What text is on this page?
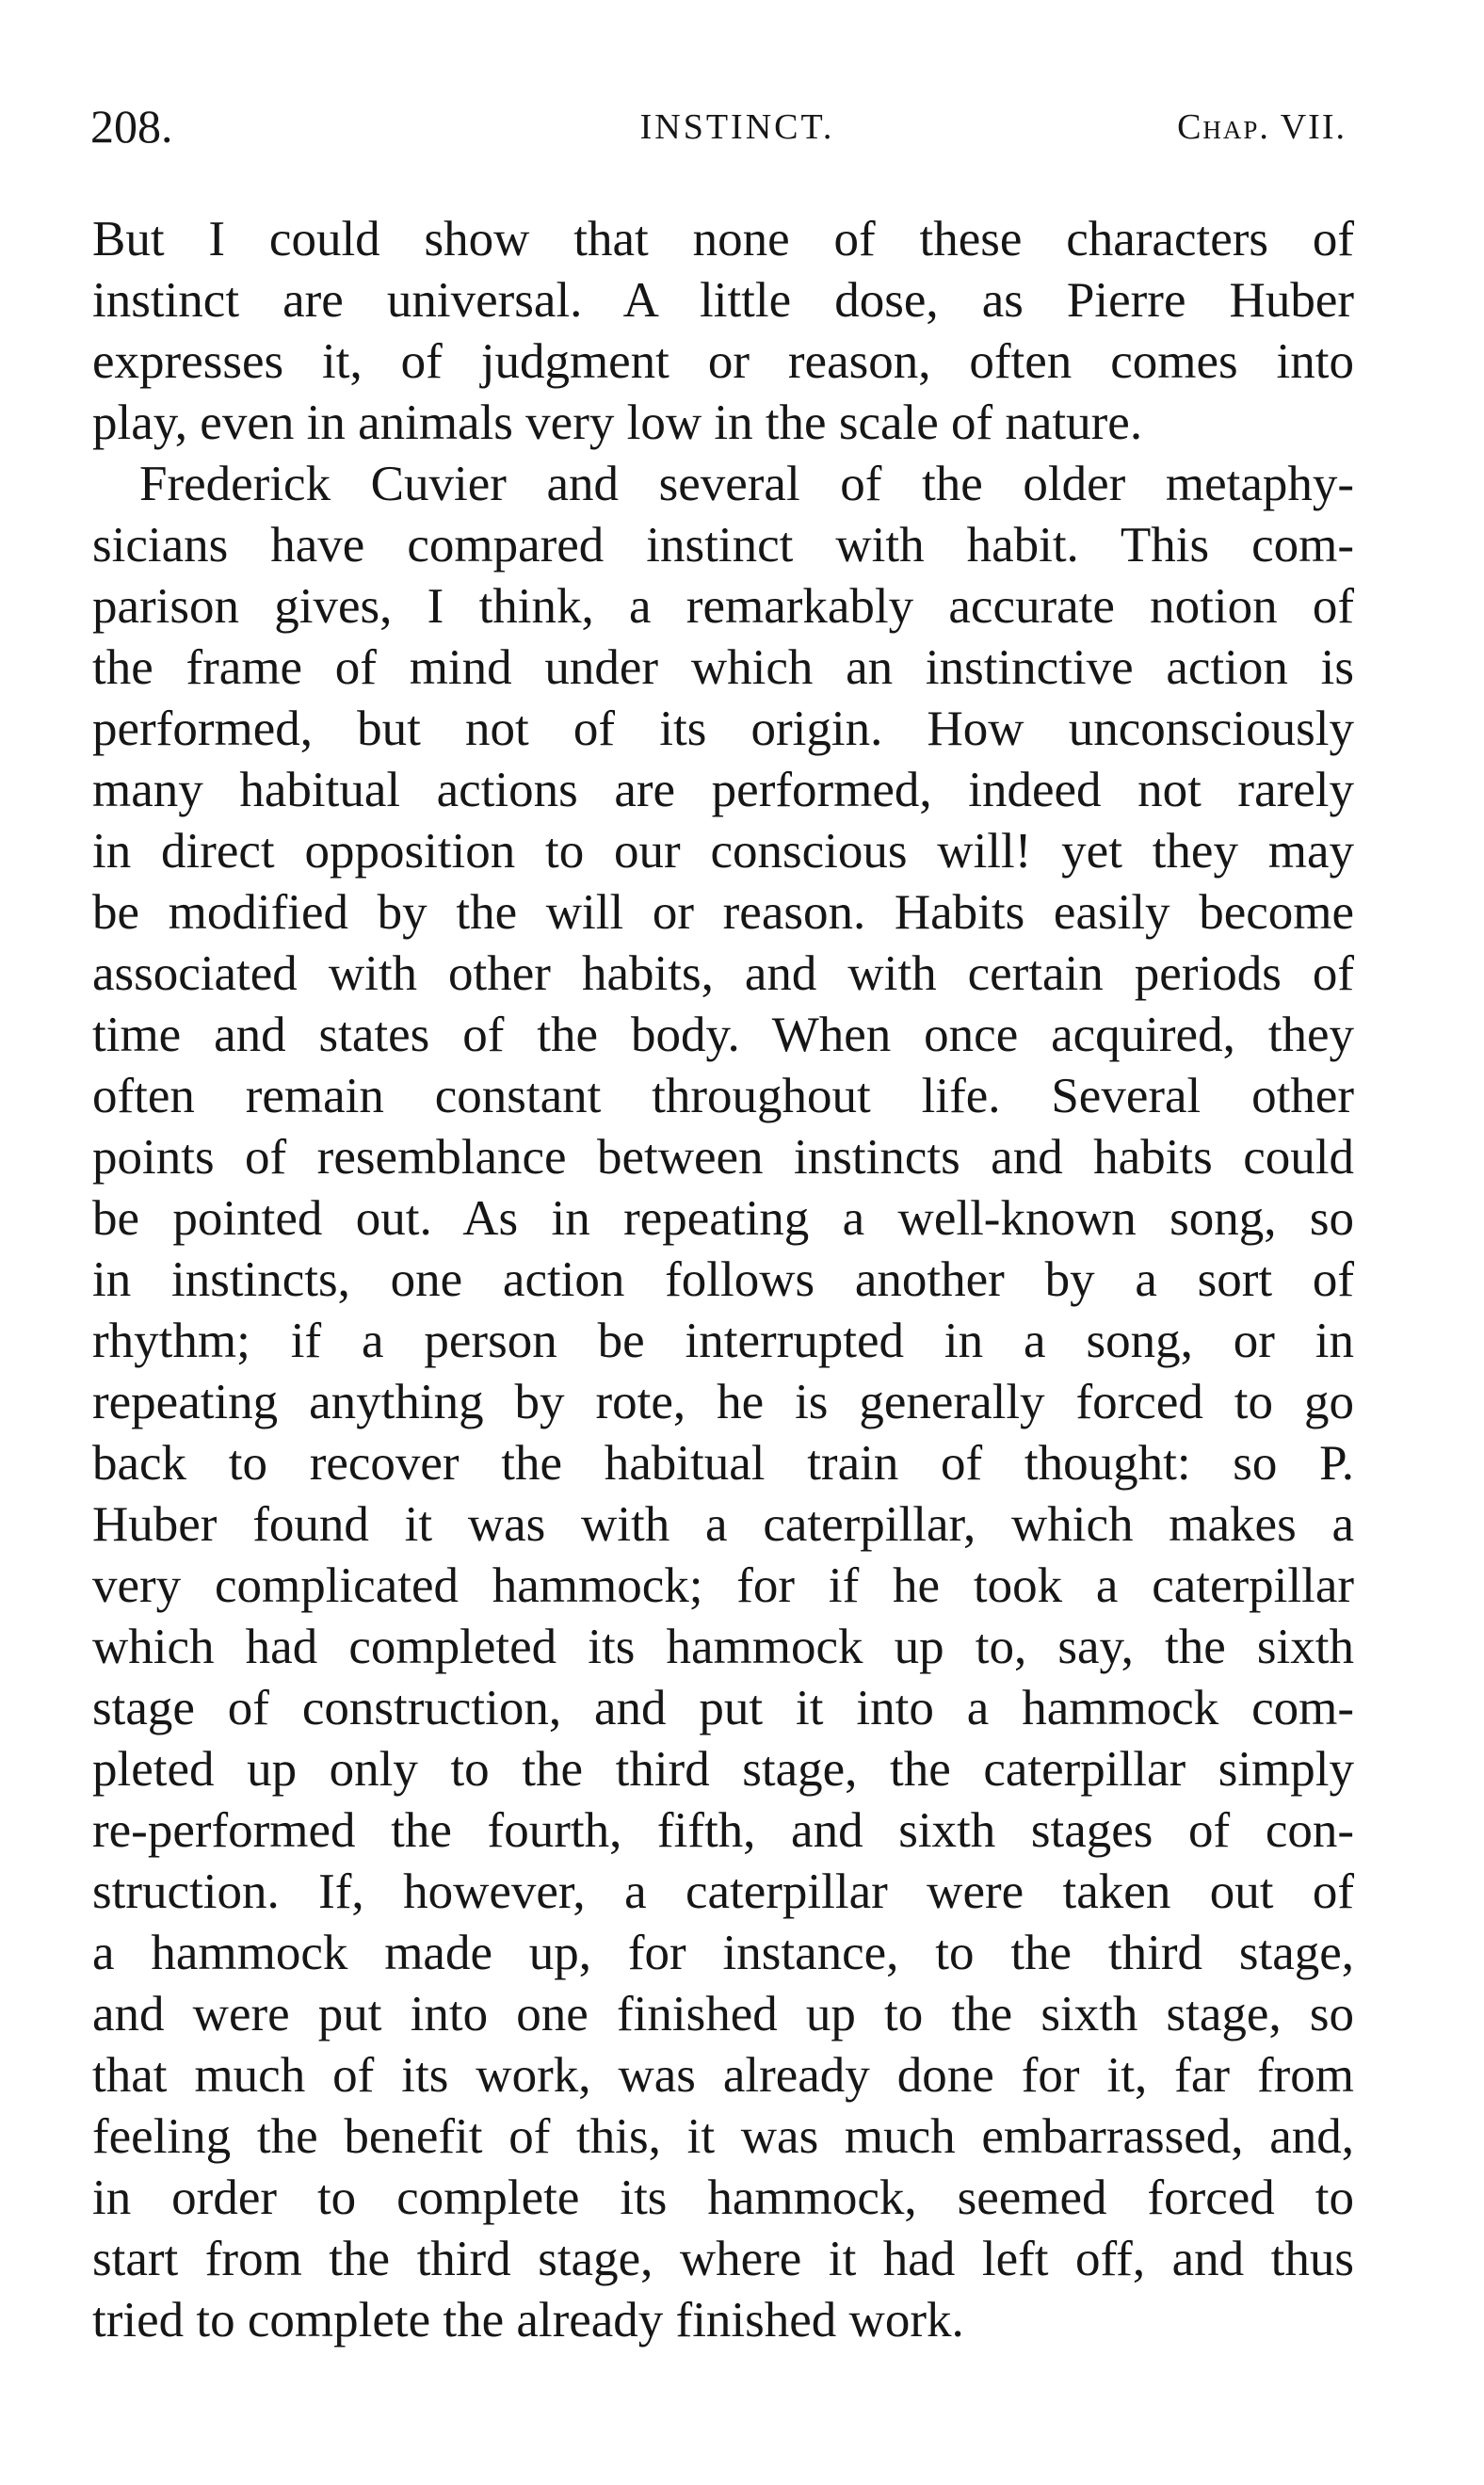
208.	INSTINCT.	Chap. VII.
But I could show that none of these characters of
instinct are universal. A little dose, as Pierre Huber
expresses it, of judgment or reason, often comes into
play, even in animals very low in the scale of nature.
Frederick Cuvier and several of the older metaphy-
sicians have compared instinct with habit. This com-
parison gives, I think, a remarkably accurate notion of
the frame of mind under which an instinctive action is
performed, but not of its origin. How unconsciously
many habitual actions are performed, indeed not rarely
in direct opposition to our conscious will! yet they may
be modified by the will or reason. Habits easily become
associated with other habits, and with certain periods of
time and states of the body. When once acquired, they
often remain constant throughout life. Several other
points of resemblance between instincts and habits could
be pointed out. As in repeating a well-known song, so
in instincts, one action follows another by a sort of
rhythm; if a person be interrupted in a song, or in
repeating anything by rote, he is generally forced to go
back to recover the habitual train of thought: so P.
Huber found it was with a caterpillar, which makes a
very complicated hammock; for if he took a caterpillar
which had completed its hammock up to, say, the sixth
stage of construction, and put it into a hammock com-
pleted up only to the third stage, the caterpillar simply
re-performed the fourth, fifth, and sixth stages of con-
struction. If, however, a caterpillar were taken out of
a hammock made up, for instance, to the third stage,
and were put into one finished up to the sixth stage, so
that much of its work, was already done for it, far from
feeling the benefit of this, it was much embarrassed, and,
in order to complete its hammock, seemed forced to
start from the third stage, where it had left off, and thus
tried to complete the already finished work.
